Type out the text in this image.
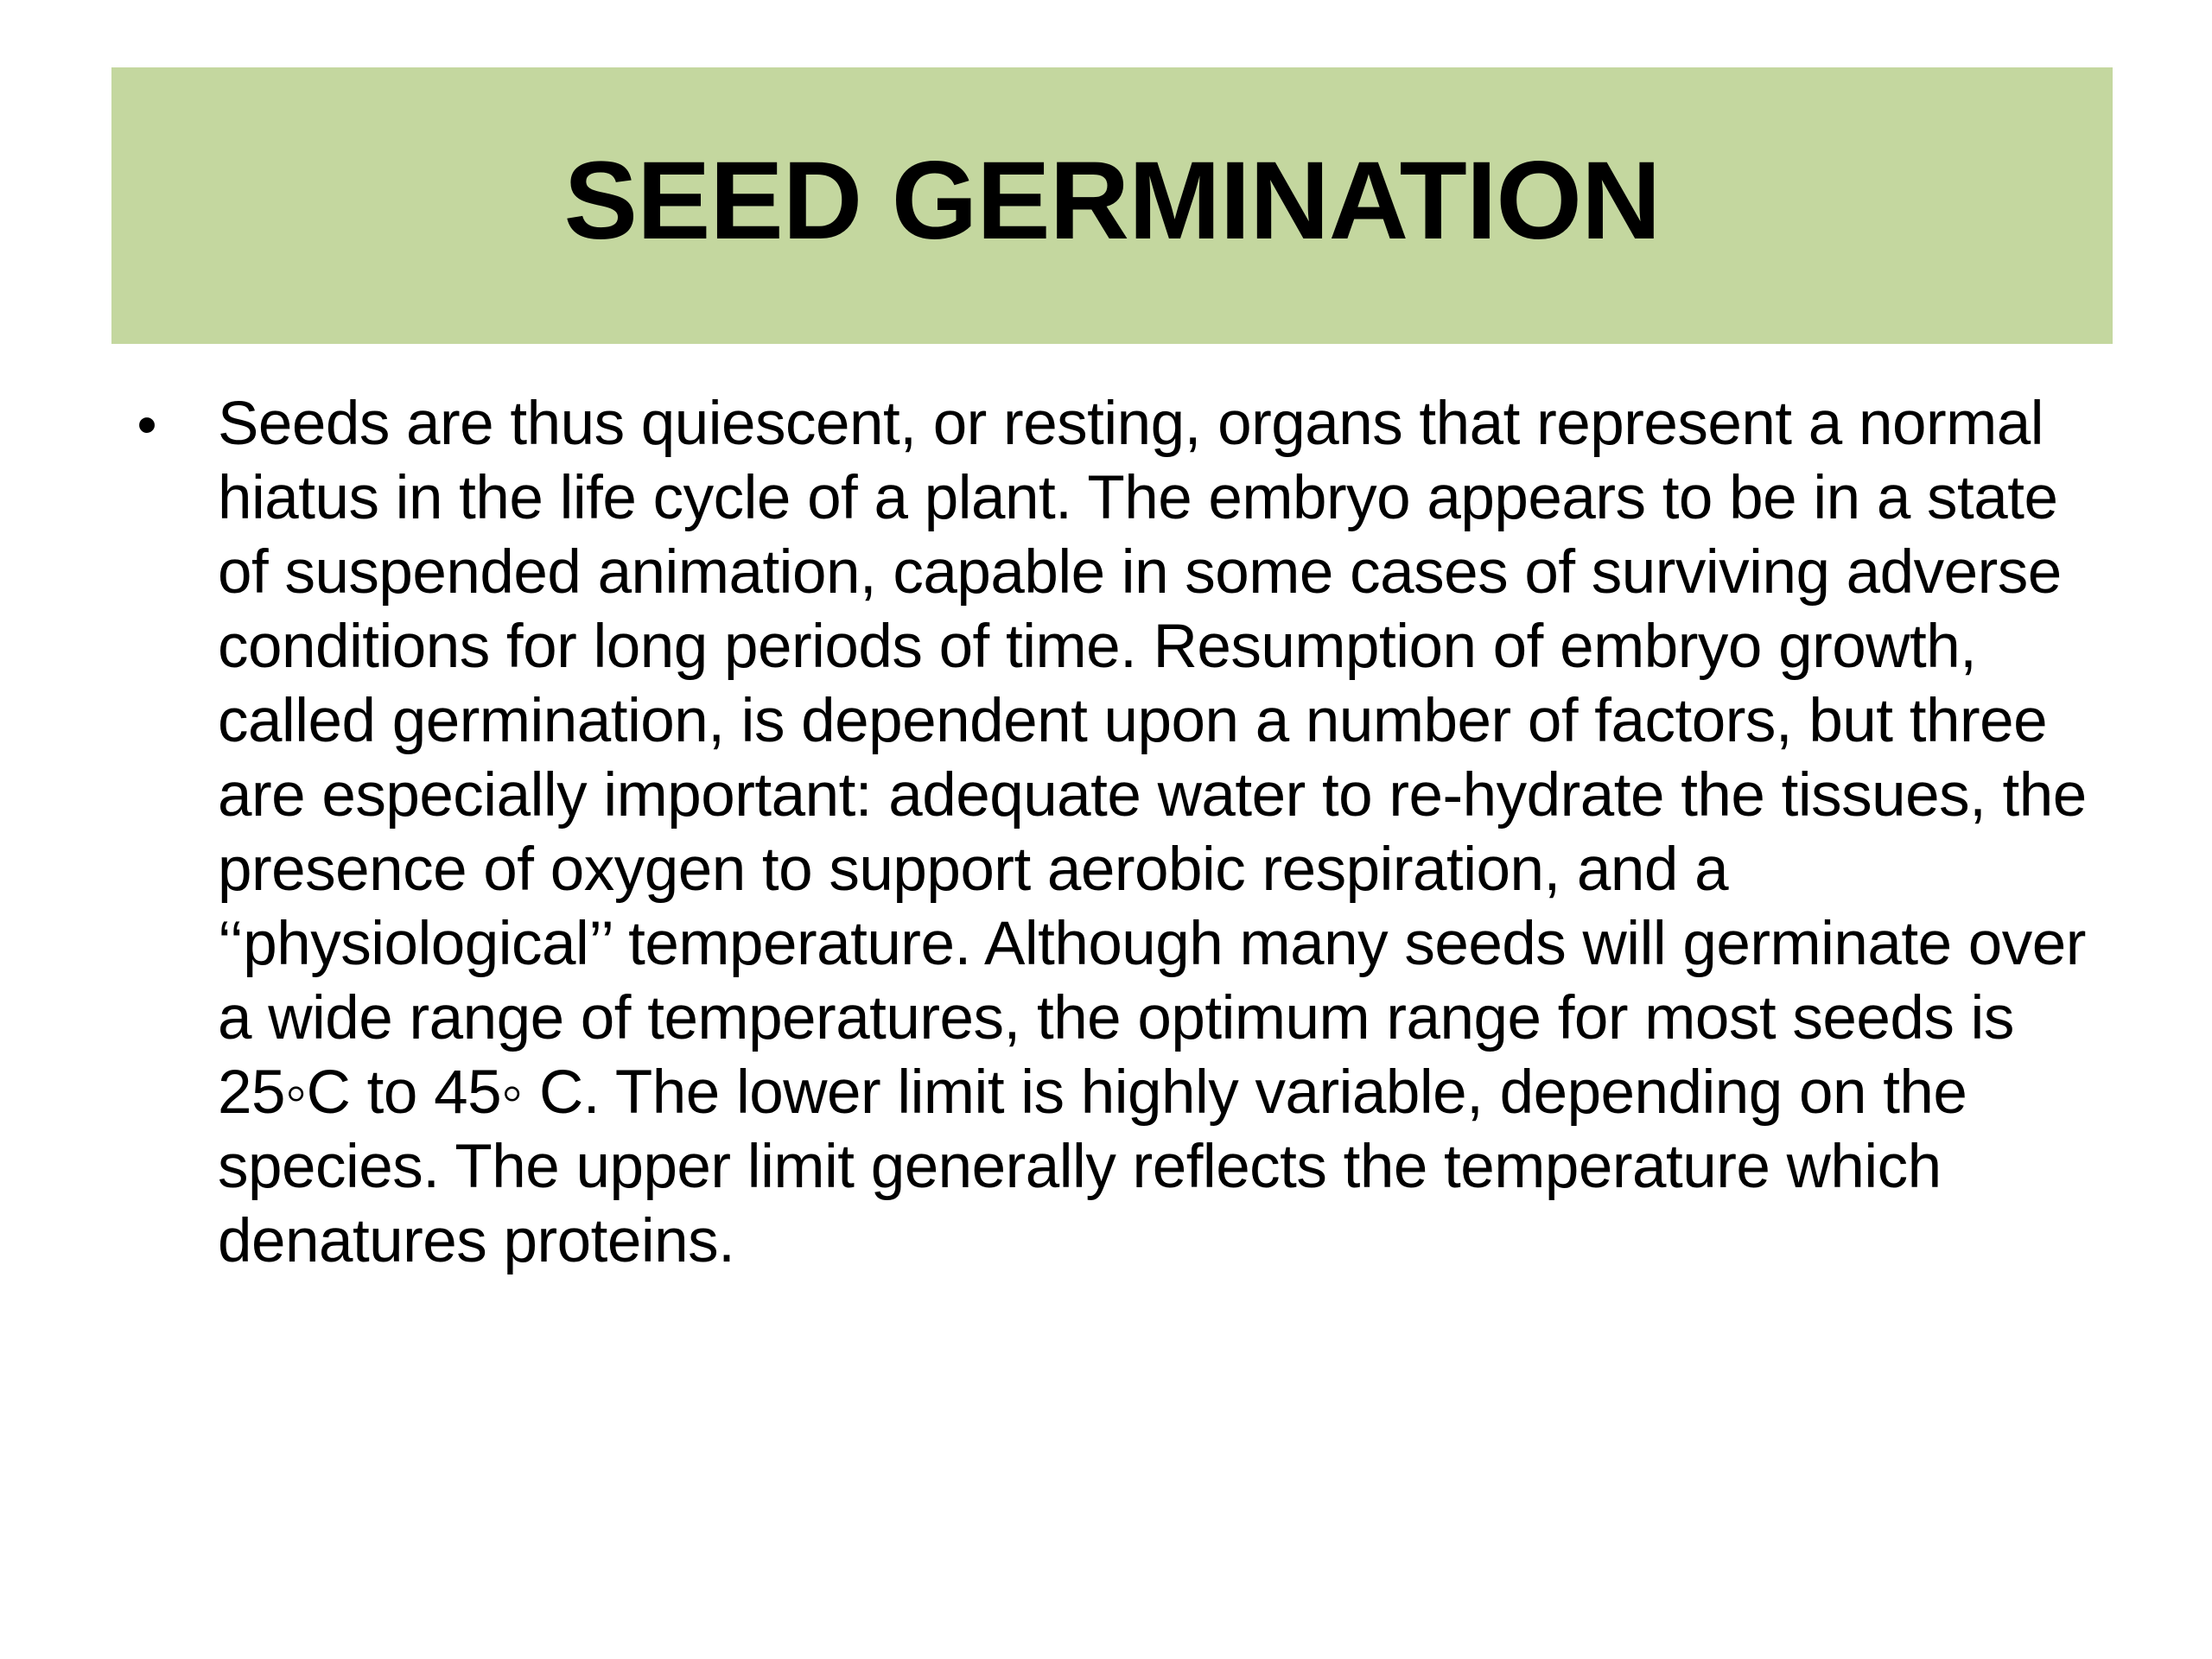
SEED GERMINATION
• Seeds are thus quiescent, or resting, organs that represent a normal hiatus in the life cycle of a plant. The embryo appears to be in a state of suspended animation, capable in some cases of surviving adverse conditions for long periods of time. Resumption of embryo growth, called germination, is dependent upon a number of factors, but three are especially important: adequate water to re-hydrate the tissues, the presence of oxygen to support aerobic respiration, and a ‘‘physiological’’ temperature. Although many seeds will germinate over a wide range of temperatures, the optimum range for most seeds is 25◦C to 45◦ C. The lower limit is highly variable, depending on the species. The upper limit generally reflects the temperature which denatures proteins.
